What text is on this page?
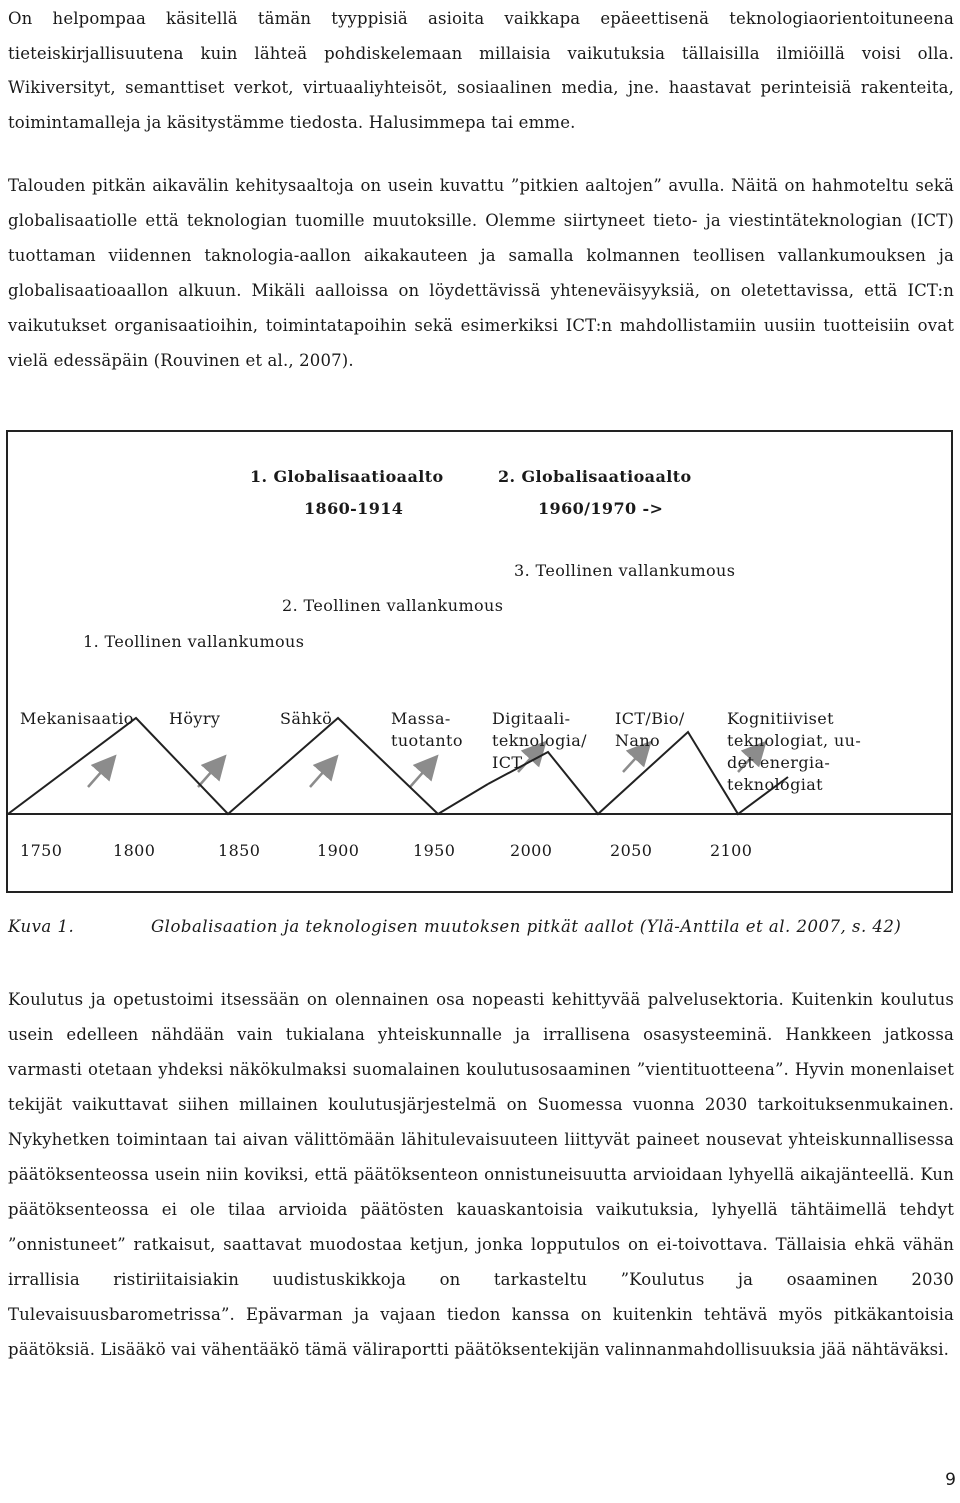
On helpompaa käsitellä tämän tyyppisiä asioita vaikkapa epäeettisenä teknologiaorientoituneena tieteiskirjallisuutena kuin lähteä pohdiskelemaan millaisia vaikutuksia tällaisilla ilmiöillä voisi olla. Wikiversityt, semanttiset verkot, virtuaaliyhteisöt, sosiaalinen media, jne. haastavat perinteisiä rakenteita, toimintamalleja ja käsitystämme tiedosta. Halusimmepa tai emme.

Talouden pitkän aikavälin kehitysaaltoja on usein kuvattu ”pitkien aaltojen” avulla. Näitä on hahmoteltu sekä globalisaatiolle että teknologian tuomille muutoksille. Olemme siirtyneet tieto- ja viestintäteknologian (ICT) tuottaman viidennen taknologia-aallon aikakauteen ja samalla kolmannen teollisen vallankumouksen ja globalisaatioaallon alkuun. Mikäli aalloissa on löydettävissä yhteneväisyyksiä, on oletettavissa, että ICT:n vaikutukset organisaatioihin, toimintatapoihin sekä esimerkiksi ICT:n mahdollistamiin uusiin tuotteisiin ovat vielä edessäpäin (Rouvinen et al., 2007).

1. Globalisaatioaalto
1860-1914
2. Globalisaatioaalto
1960/1970 ->
1. Teollinen vallankumous
2. Teollinen vallankumous
3. Teollinen vallankumous
Mekanisaatio Höyry	Sähkö	Massa-
tuotanto
Digitaali-
teknologia/
ICT
ICT/Bio/
Nano
Kognitiiviset
teknologiat, uu-
det energia-
teknologiat
1750	1800	1850	1900	1950	2000	2050	2100
Kuva 1.	Globalisaation ja teknologisen muutoksen pitkät aallot (Ylä-Anttila et al. 2007, s. 42)

Koulutus ja opetustoimi itsessään on olennainen osa nopeasti kehittyvää palvelusektoria. Kuitenkin koulutus usein edelleen nähdään vain tukialana yhteiskunnalle ja irrallisena osasysteeminä. Hankkeen jatkossa varmasti otetaan yhdeksi näkökulmaksi suomalainen koulutusosaaminen ”vientituotteena”. Hyvin monenlaiset tekijät vaikuttavat siihen millainen koulutusjärjestelmä on Suomessa vuonna 2030 tarkoituksenmukainen. Nykyhetken toimintaan tai aivan välittömään lähitulevaisuuteen liittyvät paineet nousevat yhteiskunnallisessa päätöksenteossa usein niin koviksi, että päätöksenteon onnistuneisuutta arvioidaan lyhyellä aikajänteellä. Kun päätöksenteossa ei ole tilaa arvioida päätösten kauaskantoisia vaikutuksia, lyhyellä tähtäimellä tehdyt ”onnistuneet” ratkaisut, saattavat muodostaa ketjun, jonka lopputulos on ei-toivottava. Tällaisia ehkä vähän irrallisia ristiriitaisiakin uudistuskikkoja on tarkasteltu ”Koulutus ja osaaminen 2030 Tulevaisuusbarometrissa”. Epävarman ja vajaan tiedon kanssa on kuitenkin tehtävä myös pitkäkantoisia päätöksiä. Lisääkö vai vähentääkö tämä väliraportti päätöksentekijän valinnanmahdollisuuksia jää nähtäväksi.

9
